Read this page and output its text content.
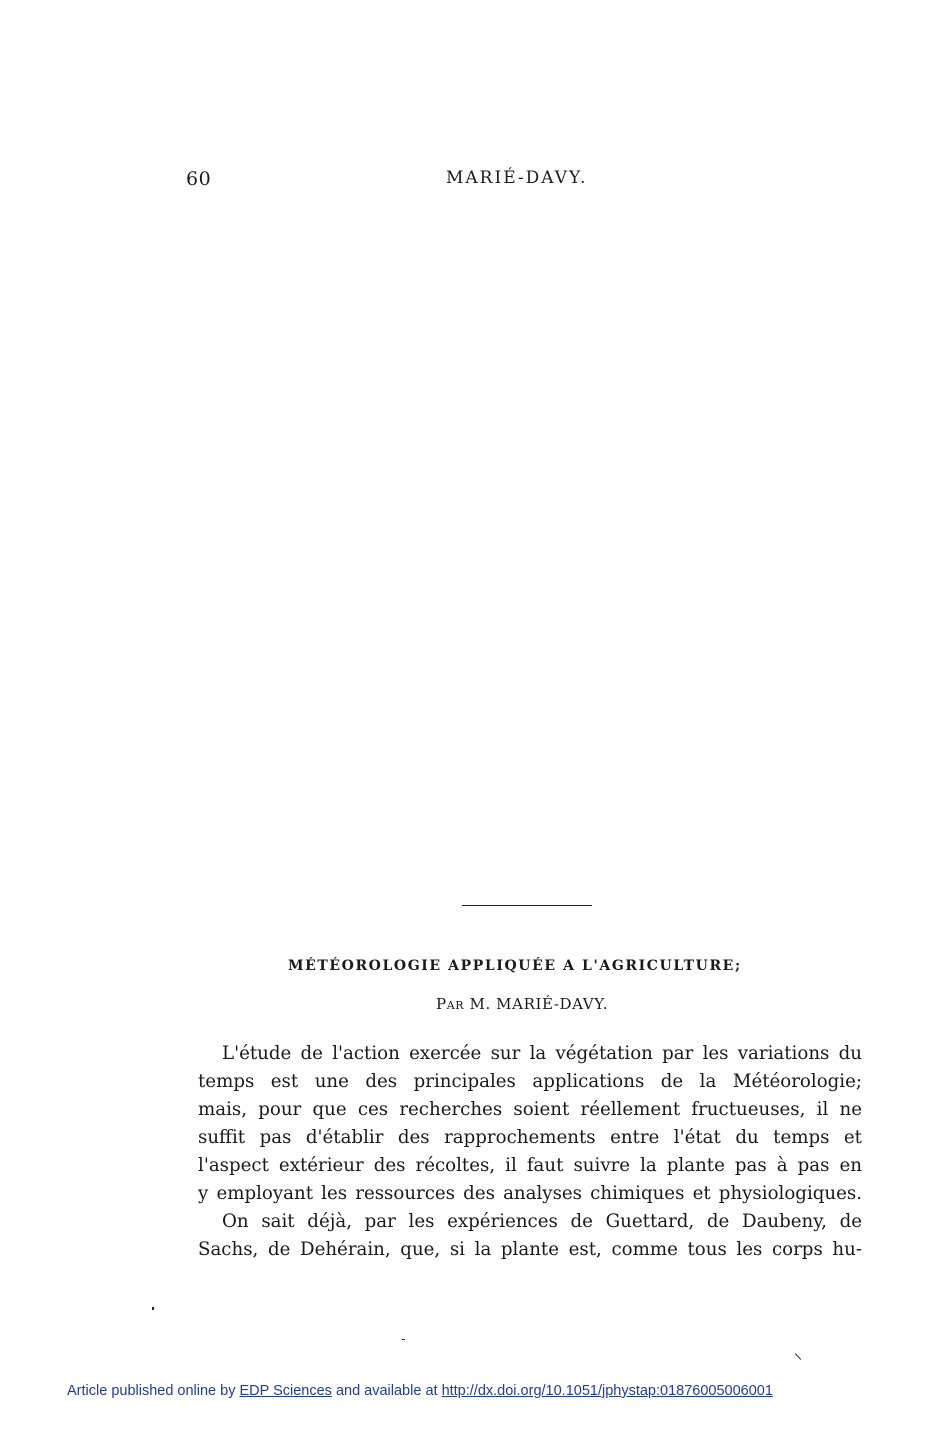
60	MARIÉ-DAVY.
MÉTÉOROLOGIE APPLIQUÉE A L'AGRICULTURE;
Par M. MARIÉ-DAVY.
L'étude de l'action exercée sur la végétation par les variations du
temps est une des principales applications de la Météorologie;
mais, pour que ces recherches soient réellement fructueuses, il ne
suffit pas d'établir des rapprochements entre l'état du temps et
l'aspect extérieur des récoltes, il faut suivre la plante pas à pas en
y employant les ressources des analyses chimiques et physiologiques.
On sait déjà, par les expériences de Guettard, de Daubeny, de
Sachs, de Dehérain, que, si la plante est, comme tous les corps hu-
Article published online by EDP Sciences and available at http://dx.doi.org/10.1051/jphystap:01876005006001
